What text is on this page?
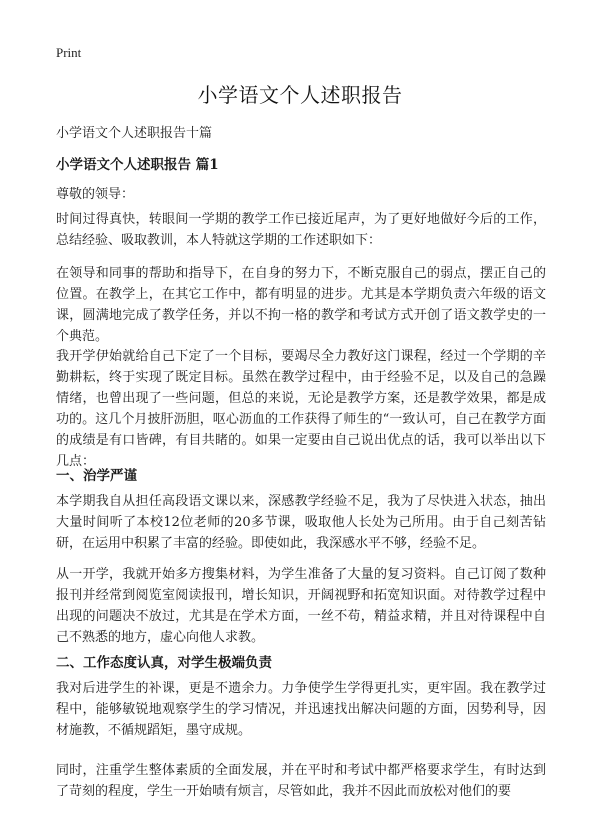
Print
小学语文个人述职报告
小学语文个人述职报告十篇
小学语文个人述职报告 篇1
尊敬的领导：

时间过得真快，转眼间一学期的教学工作已接近尾声，为了更好地做好今后的工作，总结经验、吸取教训，本人特就这学期的工作述职如下：

在领导和同事的帮助和指导下，在自身的努力下，不断克服自己的弱点，摆正自己的位置。在教学上，在其它工作中，都有明显的进步。尤其是本学期负责六年级的语文课，圆满地完成了教学任务，并以不拘一格的教学和考试方式开创了语文教学史的一个典范。

我开学伊始就给自己下定了一个目标，要竭尽全力教好这门课程，经过一个学期的辛勤耕耘，终于实现了既定目标。虽然在教学过程中，由于经验不足，以及自己的急躁情绪，也曾出现了一些问题，但总的来说，无论是教学方案，还是教学效果，都是成功的。这几个月披肝沥胆，呕心沥血的工作获得了师生的“一致认可，自己在教学方面的成绩是有口皆碑，有目共睹的。如果一定要由自己说出优点的话，我可以举出以下几点：

一、治学严谨

本学期我自从担任高段语文课以来，深感教学经验不足，我为了尽快进入状态，抽出大量时间听了本校12位老师的20多节课，吸取他人长处为己所用。由于自己刻苦钻研，在运用中积累了丰富的经验。即使如此，我深感水平不够，经验不足。

从一开学，我就开始多方搜集材料，为学生准备了大量的复习资料。自己订阅了数种报刊并经常到阅览室阅读报刊，增长知识，开阔视野和拓宽知识面。对待教学过程中出现的问题决不放过，尤其是在学术方面，一丝不苟，精益求精，并且对待课程中自己不熟悉的地方，虚心向他人求教。

二、工作态度认真，对学生极端负责

我对后进学生的补课，更是不遗余力。力争使学生学得更扎实，更牢固。我在教学过程中，能够敏锐地观察学生的学习情况，并迅速找出解决问题的方面，因势利导，因材施教，不循规蹈矩，墨守成规。

同时，注重学生整体素质的全面发展，并在平时和考试中都严格要求学生，有时达到了苛刻的程度，学生一开始啧有烦言，尽管如此，我并不因此而放松对他们的要
